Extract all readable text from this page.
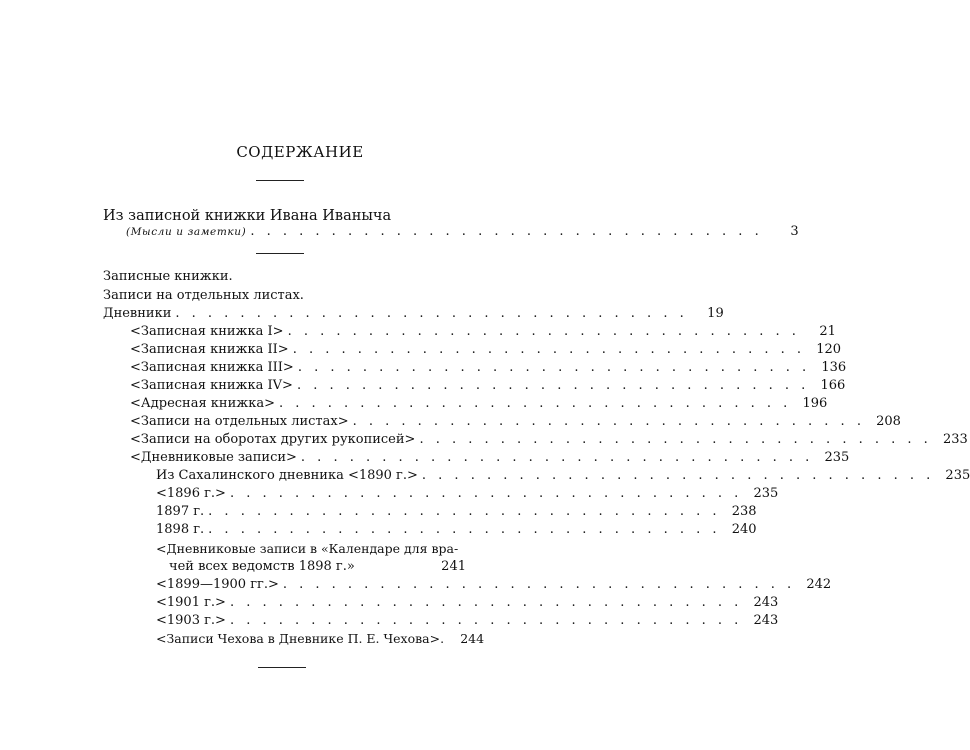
СОДЕРЖАНИЕ
Из записной книжки Ивана Иваныча
(Мысли и заметки) . . . . . . . . . . . . . . . . . . . . . . . . . . . . . . . .	3
Записные книжки.
Записи на отдельных листах.
Дневники . . . . . . . . . . . . . . . . . . . . . . . . . . . . . . . .	19
<Записная книжка I> . . . . . . . . . . . . . . . . . . . . . . . . . . . . . . . .	21
<Записная книжка II> . . . . . . . . . . . . . . . . . . . . . . . . . . . . . . . . 120
<Записная книжка III> . . . . . . . . . . . . . . . . . . . . . . . . . . . . . . . . 136
<Записная книжка IV> . . . . . . . . . . . . . . . . . . . . . . . . . . . . . . . . 166
<Адресная книжка> . . . . . . . . . . . . . . . . . . . . . . . . . . . . . . . . 196
<Записи на отдельных листах> . . . . . . . . . . . . . . . . . . . . . . . . . . . . . . . . 208
<Записи на оборотах других рукописей> . . . . . . . . . . . . . . . . . . . . . . . . . . . . . . . . 233
<Дневниковые записи> . . . . . . . . . . . . . . . . . . . . . . . . . . . . . . . . 235
Из Сахалинского дневника <1890 г.> . . . . . . . . . . . . . . . . . . . . . . . . . . . . . . . . 235
<1896 г.> . . . . . . . . . . . . . . . . . . . . . . . . . . . . . . . . 235
1897 г. . . . . . . . . . . . . . . . . . . . . . . . . . . . . . . . . 238
1898 г. . . . . . . . . . . . . . . . . . . . . . . . . . . . . . . . . 240
<Дневниковые записи в «Календаре для вра-
чей всех ведомств 1898 г.»	241
<1899—1900 гг.> . . . . . . . . . . . . . . . . . . . . . . . . . . . . . . . . 242
<1901 г.> . . . . . . . . . . . . . . . . . . . . . . . . . . . . . . . . 243
<1903 г.> . . . . . . . . . . . . . . . . . . . . . . . . . . . . . . . . 243
<Записи Чехова в Дневнике П. Е. Чехова>.	244
